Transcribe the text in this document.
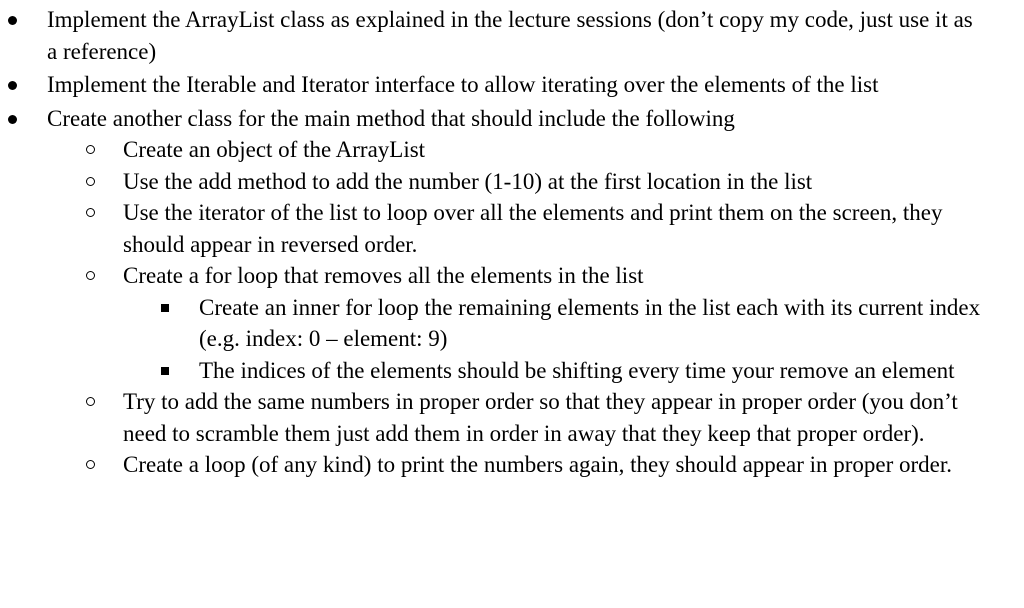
Implement the ArrayList class as explained in the lecture sessions (don’t copy my code, just use it as a reference)
Implement the Iterable and Iterator interface to allow iterating over the elements of the list
Create another class for the main method that should include the following
Create an object of the ArrayList
Use the add method to add the number (1-10) at the first location in the list
Use the iterator of the list to loop over all the elements and print them on the screen, they should appear in reversed order.
Create a for loop that removes all the elements in the list
Create an inner for loop the remaining elements in the list each with its current index (e.g. index: 0 – element: 9)
The indices of the elements should be shifting every time your remove an element
Try to add the same numbers in proper order so that they appear in proper order (you don’t need to scramble them just add them in order in away that they keep that proper order).
Create a loop (of any kind) to print the numbers again, they should appear in proper order.
